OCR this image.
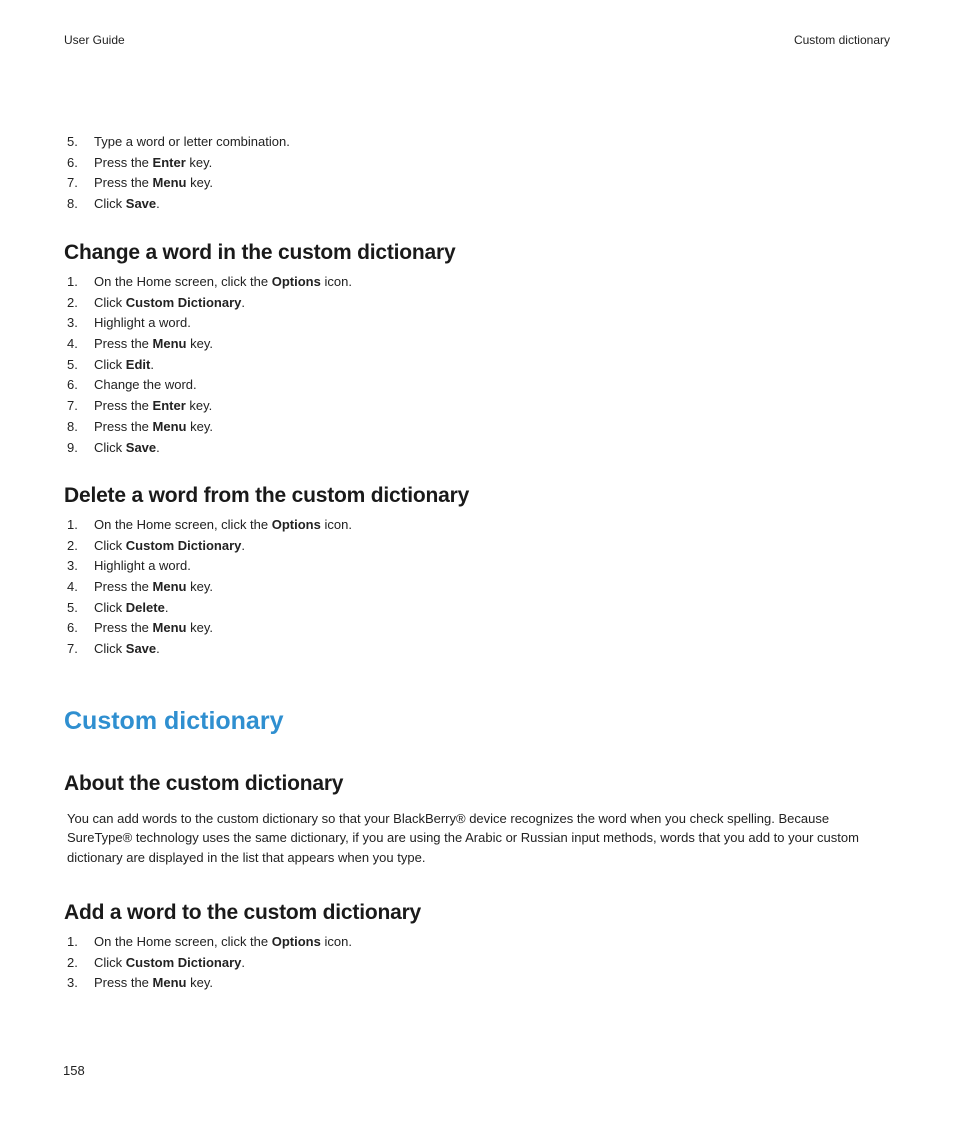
User Guide	Custom dictionary
5.	Type a word or letter combination.
6.	Press the Enter key.
7.	Press the Menu key.
8.	Click Save.
Change a word in the custom dictionary
1.	On the Home screen, click the Options icon.
2.	Click Custom Dictionary.
3.	Highlight a word.
4.	Press the Menu key.
5.	Click Edit.
6.	Change the word.
7.	Press the Enter key.
8.	Press the Menu key.
9.	Click Save.
Delete a word from the custom dictionary
1.	On the Home screen, click the Options icon.
2.	Click Custom Dictionary.
3.	Highlight a word.
4.	Press the Menu key.
5.	Click Delete.
6.	Press the Menu key.
7.	Click Save.
Custom dictionary
About the custom dictionary

You can add words to the custom dictionary so that your BlackBerry® device recognizes the word when you check spelling. Because SureType® technology uses the same dictionary, if you are using the Arabic or Russian input methods, words that you add to your custom dictionary are displayed in the list that appears when you type.

Add a word to the custom dictionary
1.	On the Home screen, click the Options icon.
2.	Click Custom Dictionary.
3.	Press the Menu key.
158
